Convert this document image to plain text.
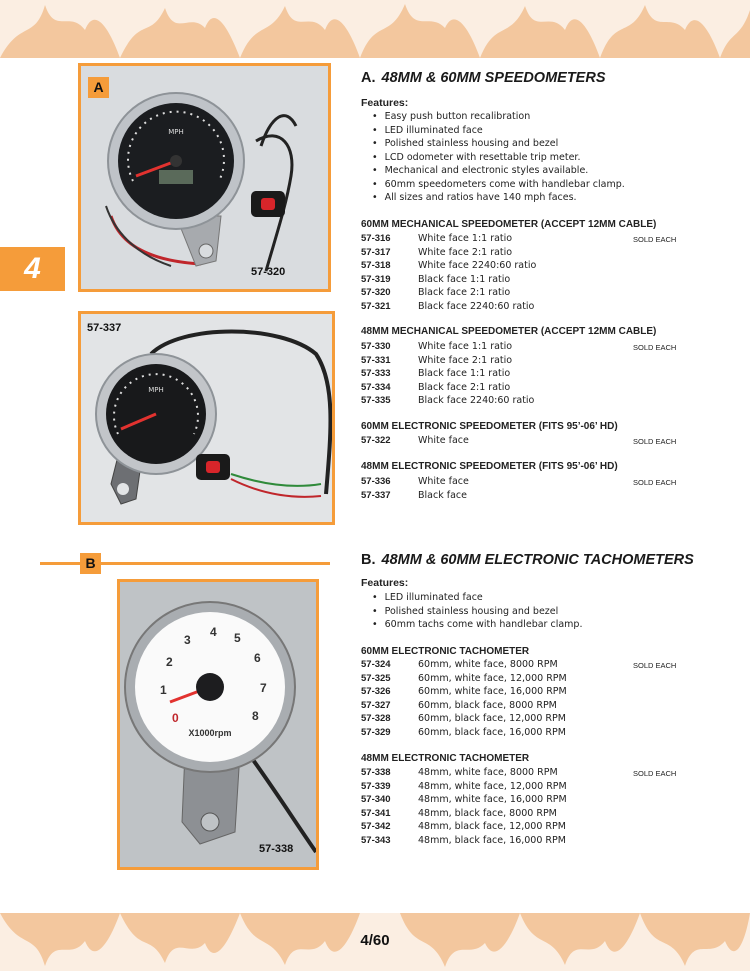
4
MPH
A
57-320
MPH
57-337
B
0
1
2
3
4 5
6
7
8
X1000rpm
57-338
A. 48MM & 60MM SPEEDOMETERS
Features:
• Easy push button recalibration
• LED illuminated face
• Polished stainless housing and bezel
• LCD odometer with resettable trip meter.
• Mechanical and electronic styles available.
• 60mm speedometers come with handlebar clamp.
• All sizes and ratios have 140 mph faces.
60MM MECHANICAL SPEEDOMETER (ACCEPT 12MM CABLE)
57-316	White face 1:1 ratio	SOLD EACH
57-317	White face 2:1 ratio
57-318	White face 2240:60 ratio
57-319	Black face 1:1 ratio
57-320	Black face 2:1 ratio
57-321	Black face 2240:60 ratio
48MM MECHANICAL SPEEDOMETER (ACCEPT 12MM CABLE)
57-330	White face 1:1 ratio	SOLD EACH
57-331	White face 2:1 ratio
57-333	Black face 1:1 ratio
57-334	Black face 2:1 ratio
57-335	Black face 2240:60 ratio
60MM ELECTRONIC SPEEDOMETER (FITS 95’-06’ HD)
57-322	White face	SOLD EACH
48MM ELECTRONIC SPEEDOMETER (FITS 95’-06’ HD)
57-336	White face	SOLD EACH
57-337	Black face
B. 48MM & 60MM ELECTRONIC TACHOMETERS
Features:
• LED illuminated face
• Polished stainless housing and bezel
• 60mm tachs come with handlebar clamp.
60MM ELECTRONIC TACHOMETER
57-324	60mm, white face, 8000 RPM	SOLD EACH
57-325	60mm, white face, 12,000 RPM
57-326	60mm, white face, 16,000 RPM
57-327	60mm, black face, 8000 RPM
57-328	60mm, black face, 12,000 RPM
57-329	60mm, black face, 16,000 RPM
48MM ELECTRONIC TACHOMETER
57-338	48mm, white face, 8000 RPM	SOLD EACH
57-339	48mm, white face, 12,000 RPM
57-340	48mm, white face, 16,000 RPM
57-341	48mm, black face, 8000 RPM
57-342	48mm, black face, 12,000 RPM
57-343	48mm, black face, 16,000 RPM
4/60
